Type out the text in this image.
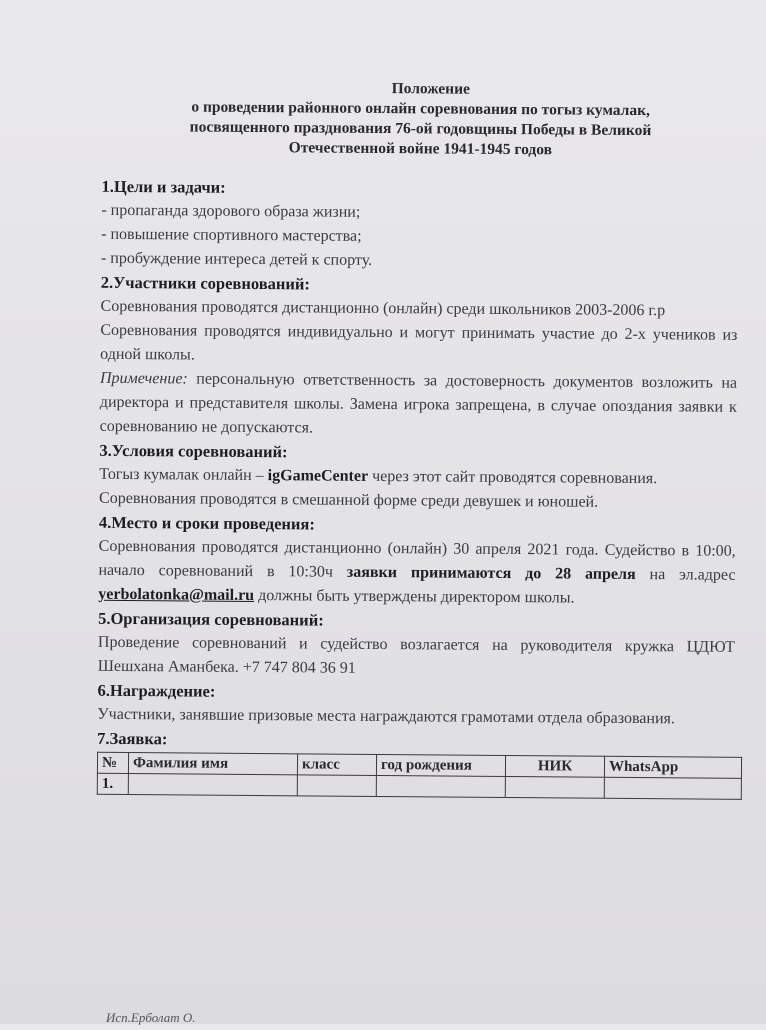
Положение
о проведении районного онлайн соревнования по тогыз кумалак,
посвященного празднования 76-ой годовщины Победы в Великой
Отечественной войне 1941-1945 годов
1.Цели и задачи:
- пропаганда здорового образа жизни;
- повышение спортивного мастерства;
- пробуждение интереса детей к спорту.
2.Участники соревнований:
Соревнования проводятся дистанционно (онлайн) среди школьников 2003-2006 г.р
Соревнования проводятся индивидуально и могут принимать участие до 2-х учеников из одной школы.
Примечение: персональную ответственность за достоверность документов возложить на директора и представителя школы. Замена игрока запрещена, в случае опоздания заявки к соревнованию не допускаются.
3.Условия соревнований:
Тогыз кумалак онлайн – igGameCenter через этот сайт проводятся соревнования.
Соревнования проводятся в смешанной форме среди девушек и юношей.
4.Место и сроки проведения:
Соревнования проводятся дистанционно (онлайн) 30 апреля 2021 года. Судейство в 10:00, начало соревнований в 10:30ч заявки принимаются до 28 апреля на эл.адрес yerbolatonka@mail.ru должны быть утверждены директором школы.
5.Организация соревнований:
Проведение соревнований и судейство возлагается на руководителя кружка ЦДЮТ Шешхана Аманбека. +7 747 804 36 91
6.Награждение:
Участники, занявшие призовые места награждаются грамотами отдела образования.
7.Заявка:
№	Фамилия имя	класс	год рождения	НИК	WhatsApp
1.					
Исп.Ерболат О.
